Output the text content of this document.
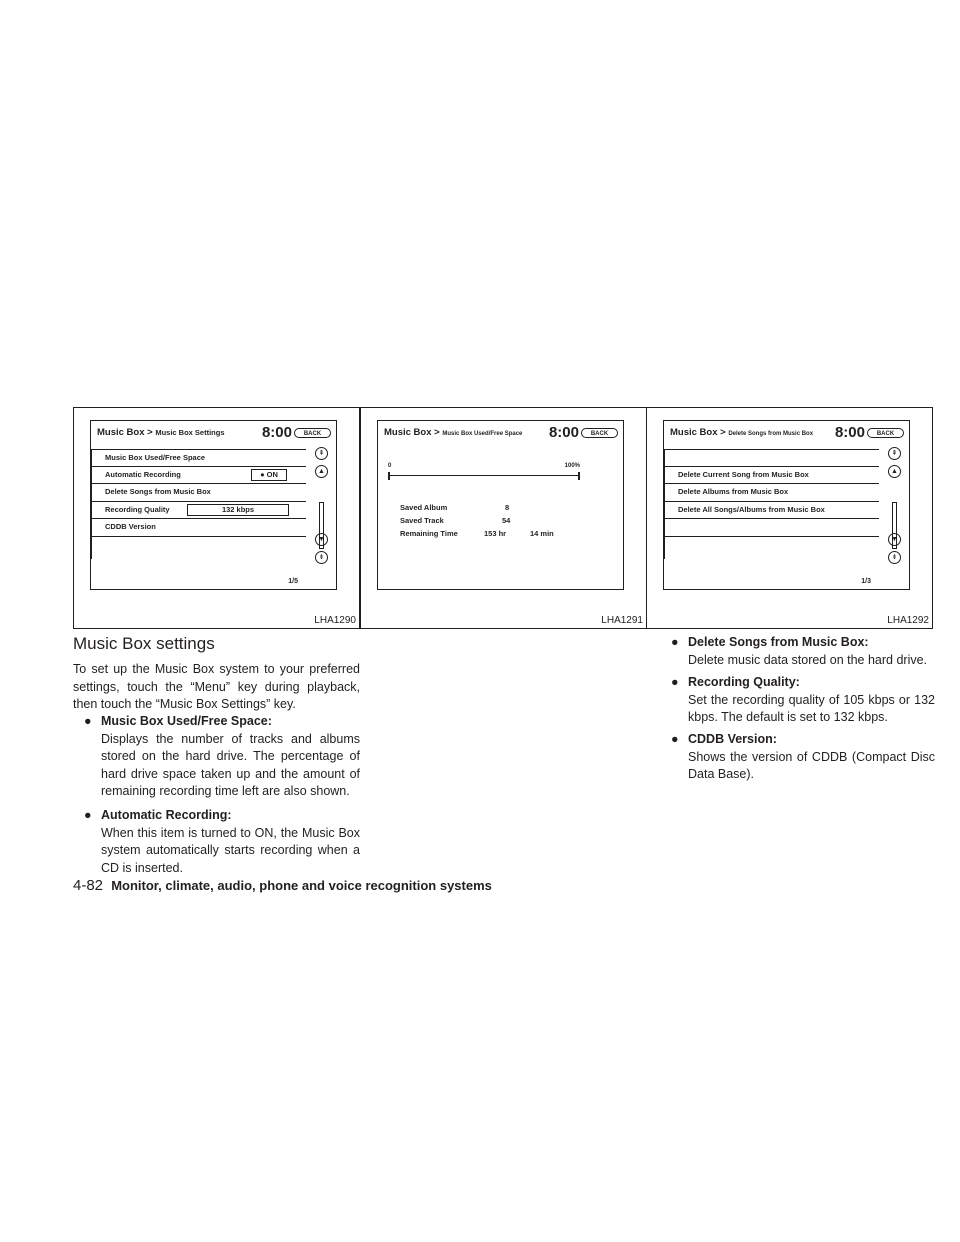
Music Box > Music Box Settings 8:00	BACK
Music Box Used/Free Space
Automatic Recording	● ON
Delete Songs from Music Box
Recording Quality	132 kbps
CDDB Version
⇞
▲
▼
⇟
1/5
LHA1290
Music Box > Music Box Used/Free Space 8:00	BACK
0	100%
Saved Album	8
Saved Track	54
Remaining Time	153 hr	14 min
LHA1291
Music Box > Delete Songs from Music Box 8:00	BACK
Delete Current Song from Music Box
Delete Albums from Music Box
Delete All Songs/Albums from Music Box
⇞
▲
▼
⇟
1/3
LHA1292
Music Box settings
To set up the Music Box system to your preferred settings, touch the “Menu” key during playback, then touch the “Music Box Settings” key.
● Music Box Used/Free Space:
Displays the number of tracks and albums stored on the hard drive. The percentage of hard drive space taken up and the amount of remaining recording time left are also shown.
● Automatic Recording:
When this item is turned to ON, the Music Box system automatically starts recording when a CD is inserted.
● Delete Songs from Music Box:
Delete music data stored on the hard drive.
● Recording Quality:
Set the recording quality of 105 kbps or 132 kbps. The default is set to 132 kbps.
● CDDB Version:
Shows the version of CDDB (Compact Disc Data Base).
4-82 Monitor, climate, audio, phone and voice recognition systems
